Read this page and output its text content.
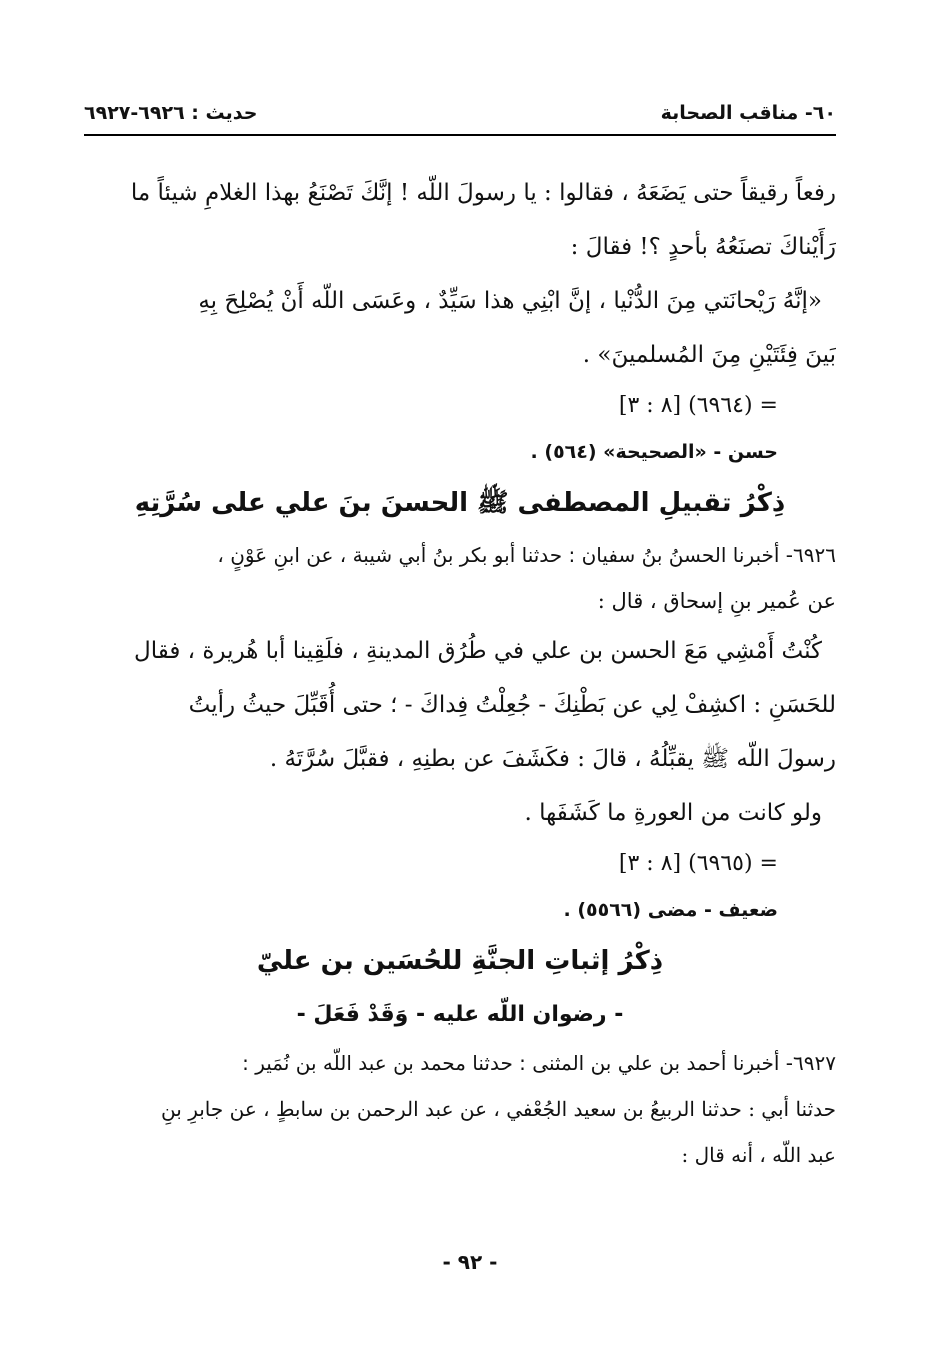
٦٠- مناقب الصحابة
حديث : ٦٩٢٦-٦٩٢٧
رفعاً رقيقاً حتى يَضَعَهُ ، فقالوا : يا رسولَ اللّه ! إنَّكَ تَصْنَعُ بهذا الغلامِ شيئاً ما
رَأَيْناكَ تصنَعُهُ بأحدٍ ؟! فقالَ :
«إنَّهُ رَيْحانَتي مِنَ الدُّنْيا ، إنَّ ابْنِي هذا سَيِّدٌ ، وعَسَى اللّه أَنْ يُصْلِحَ بِهِ
بَينَ فِئَتَيْنِ مِنَ المُسلمينَ» .
= (٦٩٦٤) [٨ : ٣]
حسن - «الصحيحة» (٥٦٤) .
ذِكْرُ تقبيلِ المصطفى ﷺ الحسنَ بنَ علي على سُرَّتِهِ
٦٩٢٦- أخبرنا الحسنُ بنُ سفيان : حدثنا أبو بكر بنُ أبي شيبة ، عن ابنِ عَوْنٍ ،
عن عُمير بنِ إسحاق ، قال :
كُنْتُ أَمْشِي مَعَ الحسن بن علي في طُرُق المدينةِ ، فلَقِينا أبا هُريرة ، فقال
للحَسَنِ : اكشِفْ لِي عن بَطْنِكَ - جُعِلْتُ فِداكَ - ؛ حتى أُقَبِّلَ حيثُ رأيتُ
رسولَ اللّه ﷺ يقبِّلُهُ ، قالَ : فكَشَفَ عن بطنِهِ ، فقبَّلَ سُرَّتَهُ .
ولو كانت من العورةِ ما كَشَفَها .
= (٦٩٦٥) [٨ : ٣]
ضعيف - مضى (٥٥٦٦) .
ذِكْرُ إثباتِ الجنَّةِ للحُسَين بن عليّ
- رضوان اللّه عليه - وَقَدْ فَعَلَ -
٦٩٢٧- أخبرنا أحمد بن علي بن المثنى : حدثنا محمد بن عبد اللّه بن نُمَير :
حدثنا أبي : حدثنا الربيعُ بن سعيد الجُعْفي ، عن عبد الرحمن بن سابطٍ ، عن جابرِ بنِ
عبد اللّه ، أنه قال :
- ٩٢ -
